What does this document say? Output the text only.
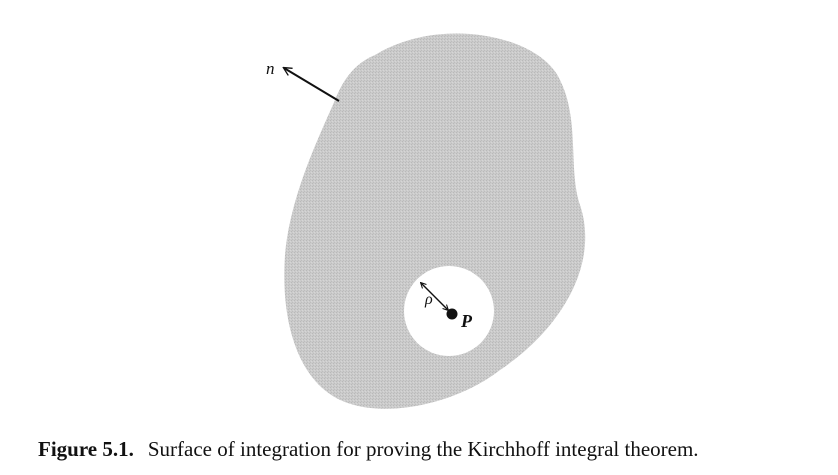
n
ρ
P
Figure 5.1. Surface of integration for proving the Kirchhoff integral theorem.
